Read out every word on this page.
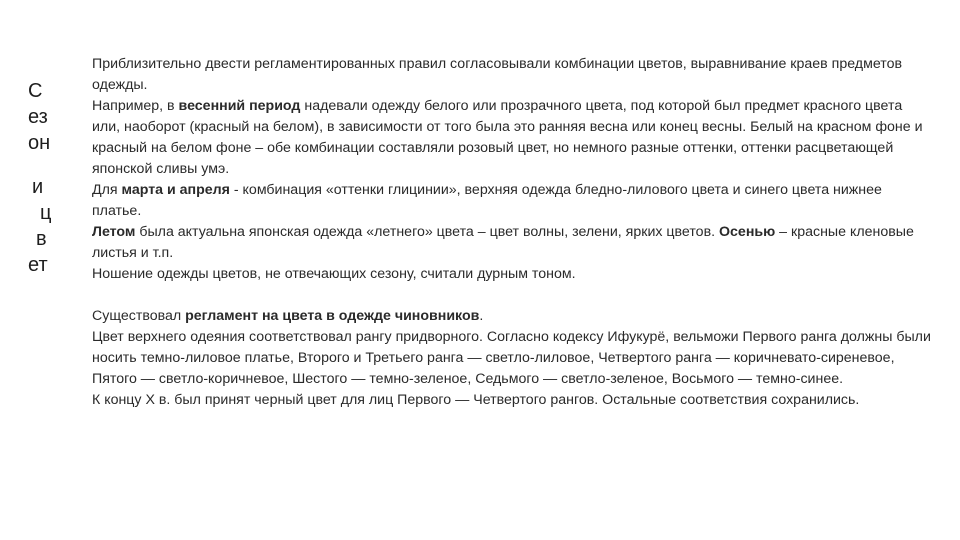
С
ез
он
и
ц
в
ет

Приблизительно двести регламентированных правил согласовывали комбинации цветов, выравнивание краев предметов одежды.

Например, в весенний период надевали одежду белого или прозрачного цвета, под которой был предмет красного цвета или, наоборот (красный на белом), в зависимости от того была это ранняя весна или конец весны. Белый на красном фоне и красный на белом фоне – обе комбинации составляли розовый цвет, но немного разные оттенки, оттенки расцветающей японской сливы умэ.

Для марта и апреля - комбинация «оттенки глицинии», верхняя одежда бледно-лилового цвета и синего цвета нижнее платье.

Летом была актуальна японская одежда «летнего» цвета – цвет волны, зелени, ярких цветов. Осенью – красные кленовые листья и т.п.

Ношение одежды цветов, не отвечающих сезону, считали дурным тоном.

Существовал регламент на цвета в одежде чиновников.

Цвет верхнего одеяния соответствовал рангу придворного. Согласно кодексу Ифукурё, вельможи Первого ранга должны были носить темно-лиловое платье, Второго и Третьего ранга — светло-лиловое, Четвертого ранга — коричневато-сиреневое, Пятого — светло-коричневое, Шестого — темно-зеленое, Седьмого — светло-зеленое, Восьмого — темно-синее.

К концу X в. был принят черный цвет для лиц Первого — Четвертого рангов. Остальные соответствия сохранились.
